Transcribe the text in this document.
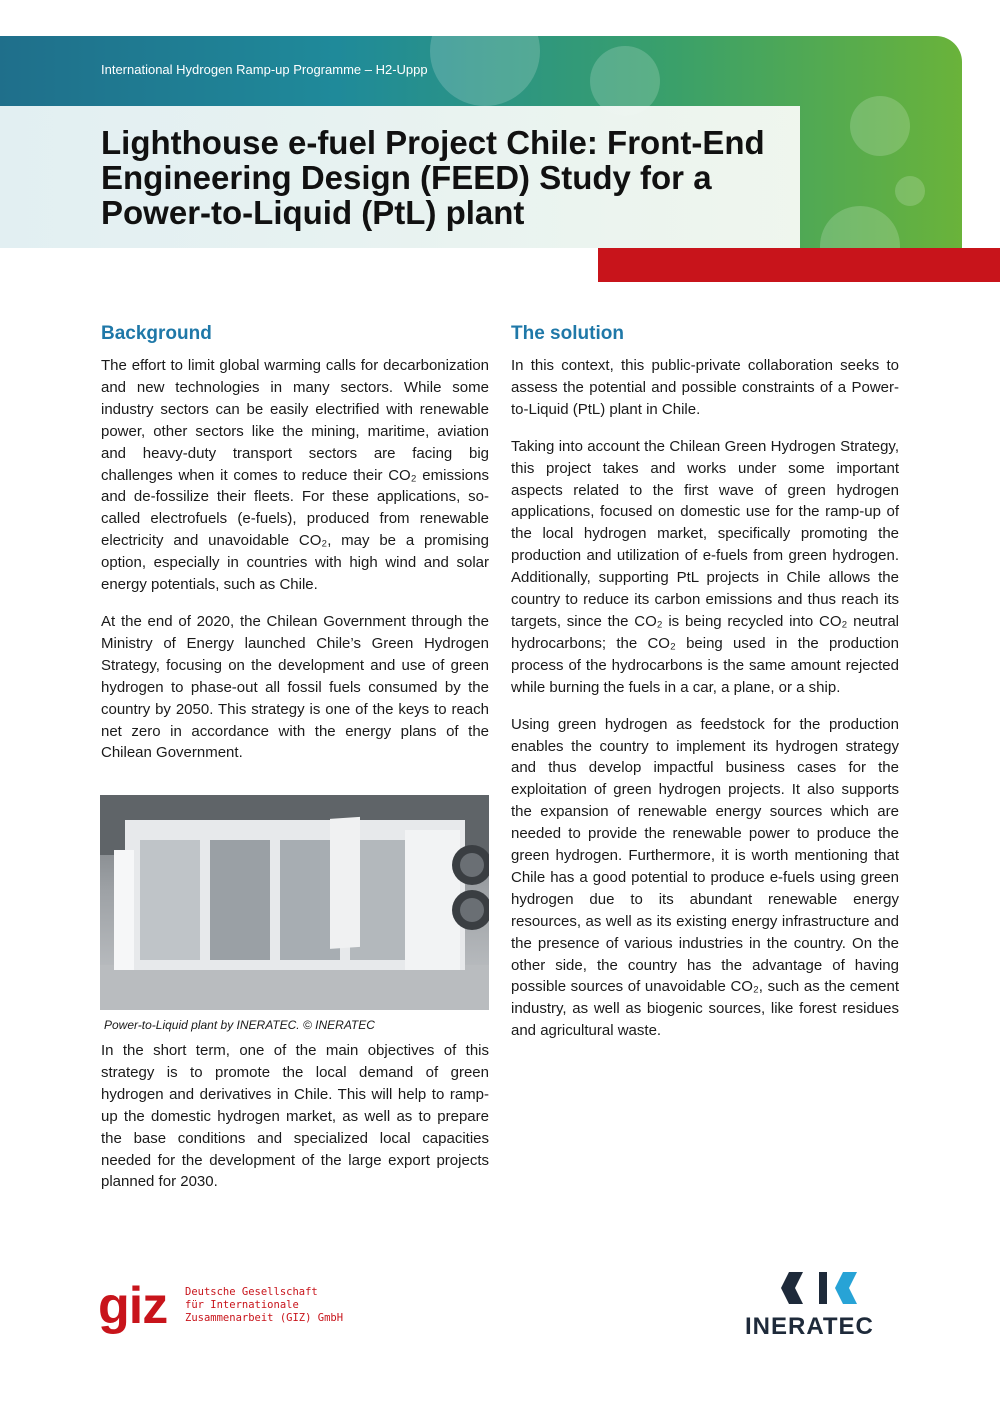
International Hydrogen Ramp-up Programme – H2-Uppp
Lighthouse e-fuel Project Chile: Front-End Engineering Design (FEED) Study for a Power-to-Liquid (PtL) plant
Background

The effort to limit global warming calls for decarbonization and new technologies in many sectors. While some industry sectors can be easily electrified with renewable power, other sectors like the mining, maritime, aviation and heavy-duty transport sectors are facing big challenges when it comes to reduce their CO₂ emissions and de-fossilize their fleets. For these applications, so-called electrofuels (e-fuels), produced from renewable electricity and unavoidable CO₂, may be a promising option, especially in countries with high wind and solar energy potentials, such as Chile.

At the end of 2020, the Chilean Government through the Ministry of Energy launched Chile’s Green Hydrogen Strategy, focusing on the development and use of green hydrogen to phase-out all fossil fuels consumed by the country by 2050. This strategy is one of the keys to reach net zero in accordance with the energy plans of the Chilean Government.

Power-to-Liquid plant by INERATEC. © INERATEC

In the short term, one of the main objectives of this strategy is to promote the local demand of green hydrogen and derivatives in Chile. This will help to ramp-up the domestic hydrogen market, as well as to prepare the base conditions and specialized local capacities needed for the development of the large export projects planned for 2030.

The solution

In this context, this public-private collaboration seeks to assess the potential and possible constraints of a Power-to-Liquid (PtL) plant in Chile.

Taking into account the Chilean Green Hydrogen Strategy, this project takes and works under some important aspects related to the first wave of green hydrogen applications, focused on domestic use for the ramp-up of the local hydrogen market, specifically promoting the production and utilization of e-fuels from green hydrogen. Additionally, supporting PtL projects in Chile allows the country to reduce its carbon emissions and thus reach its targets, since the CO₂ is being recycled into CO₂ neutral hydrocarbons; the CO₂ being used in the production process of the hydrocarbons is the same amount rejected while burning the fuels in a car, a plane, or a ship.

Using green hydrogen as feedstock for the production enables the country to implement its hydrogen strategy and thus develop impactful business cases for the exploitation of green hydrogen projects. It also supports the expansion of renewable energy sources which are needed to provide the renewable power to produce the green hydrogen. Furthermore, it is worth mentioning that Chile has a good potential to produce e-fuels using green hydrogen due to its abundant renewable energy resources, as well as its existing energy infrastructure and the presence of various industries in the country. On the other side, the country has the advantage of having possible sources of unavoidable CO₂, such as the cement industry, as well as biogenic sources, like forest residues and agricultural waste.

giz Deutsche Gesellschaft
für Internationale
Zusammenarbeit (GIZ) GmbH	INERATEC
